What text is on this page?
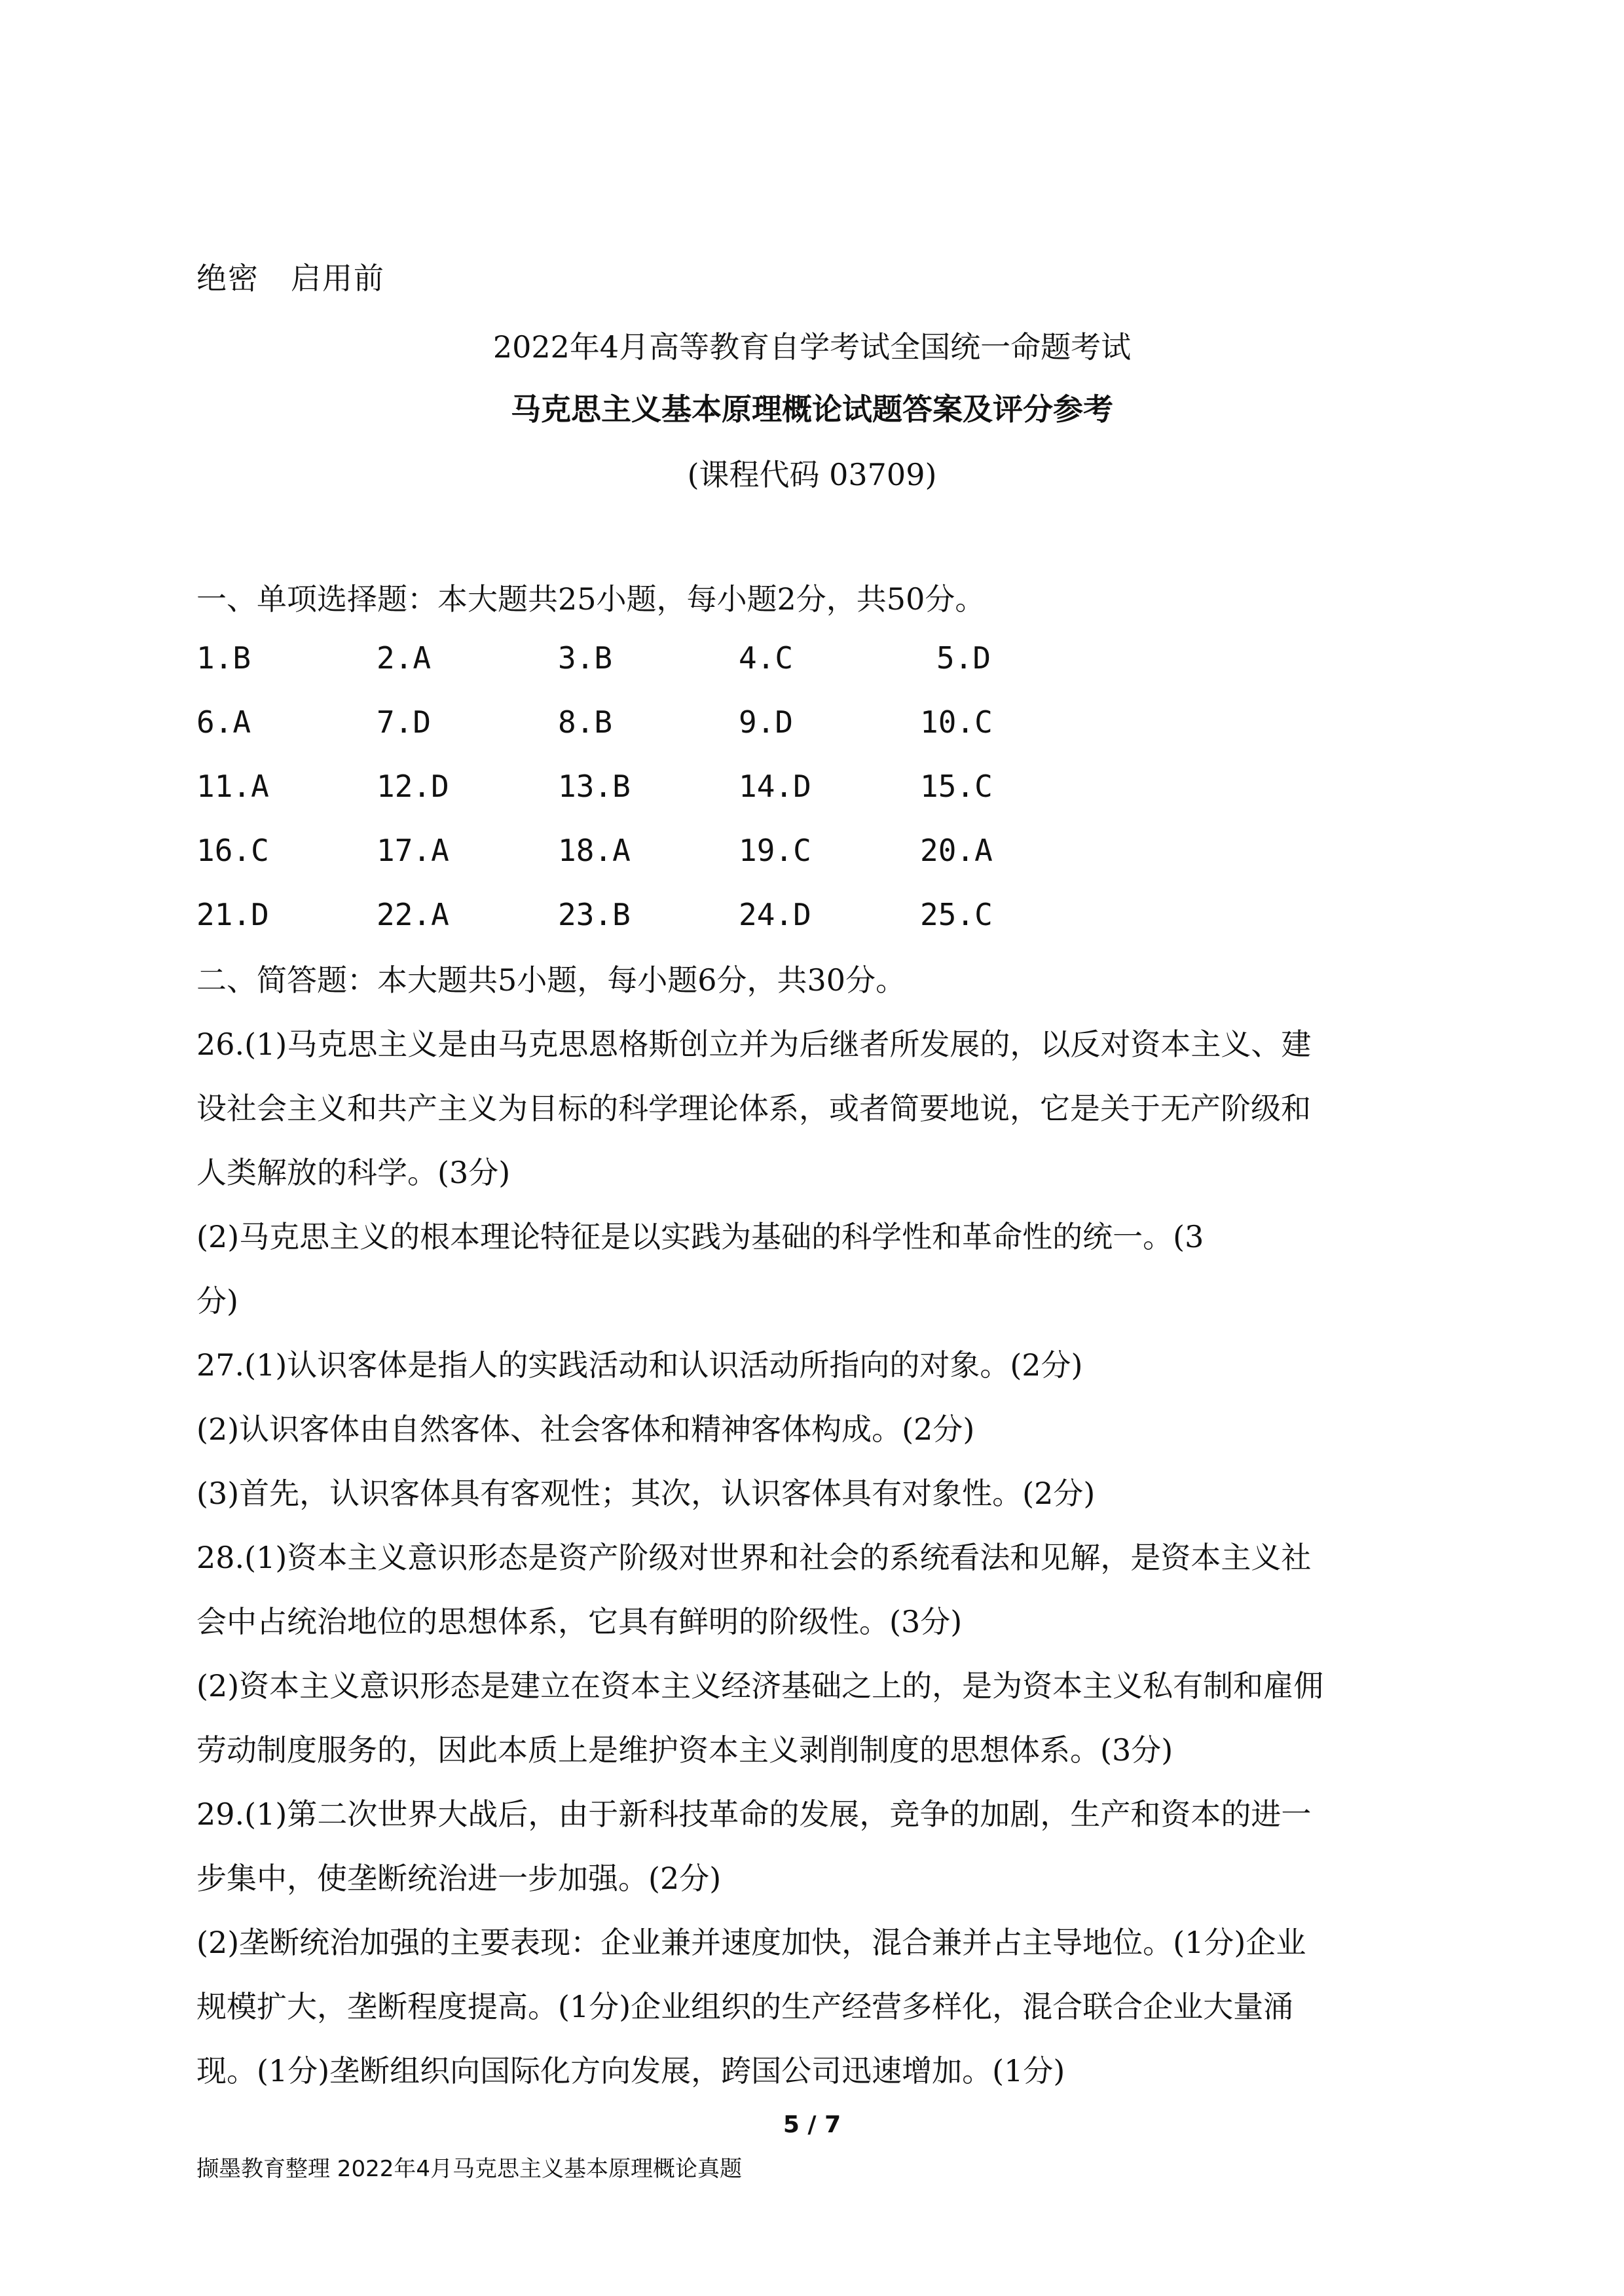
绝密　启用前
2022年4月高等教育自学考试全国统一命题考试
马克思主义基本原理概论试题答案及评分参考
(课程代码 03709)
一、单项选择题：本大题共25小题，每小题2分，共50分。
1.B	2.A	3.B	4.C	5.D
6.A	7.D	8.B	9.D	10.C
11.A	12.D	13.B	14.D	15.C
16.C	17.A	18.A	19.C	20.A
21.D	22.A	23.B	24.D	25.C

二、简答题：本大题共5小题，每小题6分，共30分。

26.(1)马克思主义是由马克思恩格斯创立并为后继者所发展的，以反对资本主义、建

设社会主义和共产主义为目标的科学理论体系，或者简要地说，它是关于无产阶级和

人类解放的科学。(3分)

(2)马克思主义的根本理论特征是以实践为基础的科学性和革命性的统一。(3

分)

27.(1)认识客体是指人的实践活动和认识活动所指向的对象。(2分)

(2)认识客体由自然客体、社会客体和精神客体构成。(2分)

(3)首先，认识客体具有客观性；其次，认识客体具有对象性。(2分)

28.(1)资本主义意识形态是资产阶级对世界和社会的系统看法和见解，是资本主义社

会中占统治地位的思想体系，它具有鲜明的阶级性。(3分)

(2)资本主义意识形态是建立在资本主义经济基础之上的，是为资本主义私有制和雇佣

劳动制度服务的，因此本质上是维护资本主义剥削制度的思想体系。(3分)

29.(1)第二次世界大战后，由于新科技革命的发展，竞争的加剧，生产和资本的进一

步集中，使垄断统治进一步加强。(2分)

(2)垄断统治加强的主要表现：企业兼并速度加快，混合兼并占主导地位。(1分)企业

规模扩大，垄断程度提高。(1分)企业组织的生产经营多样化，混合联合企业大量涌

现。(1分)垄断组织向国际化方向发展，跨国公司迅速增加。(1分)

5 / 7
撷墨教育整理 2022年4月马克思主义基本原理概论真题
